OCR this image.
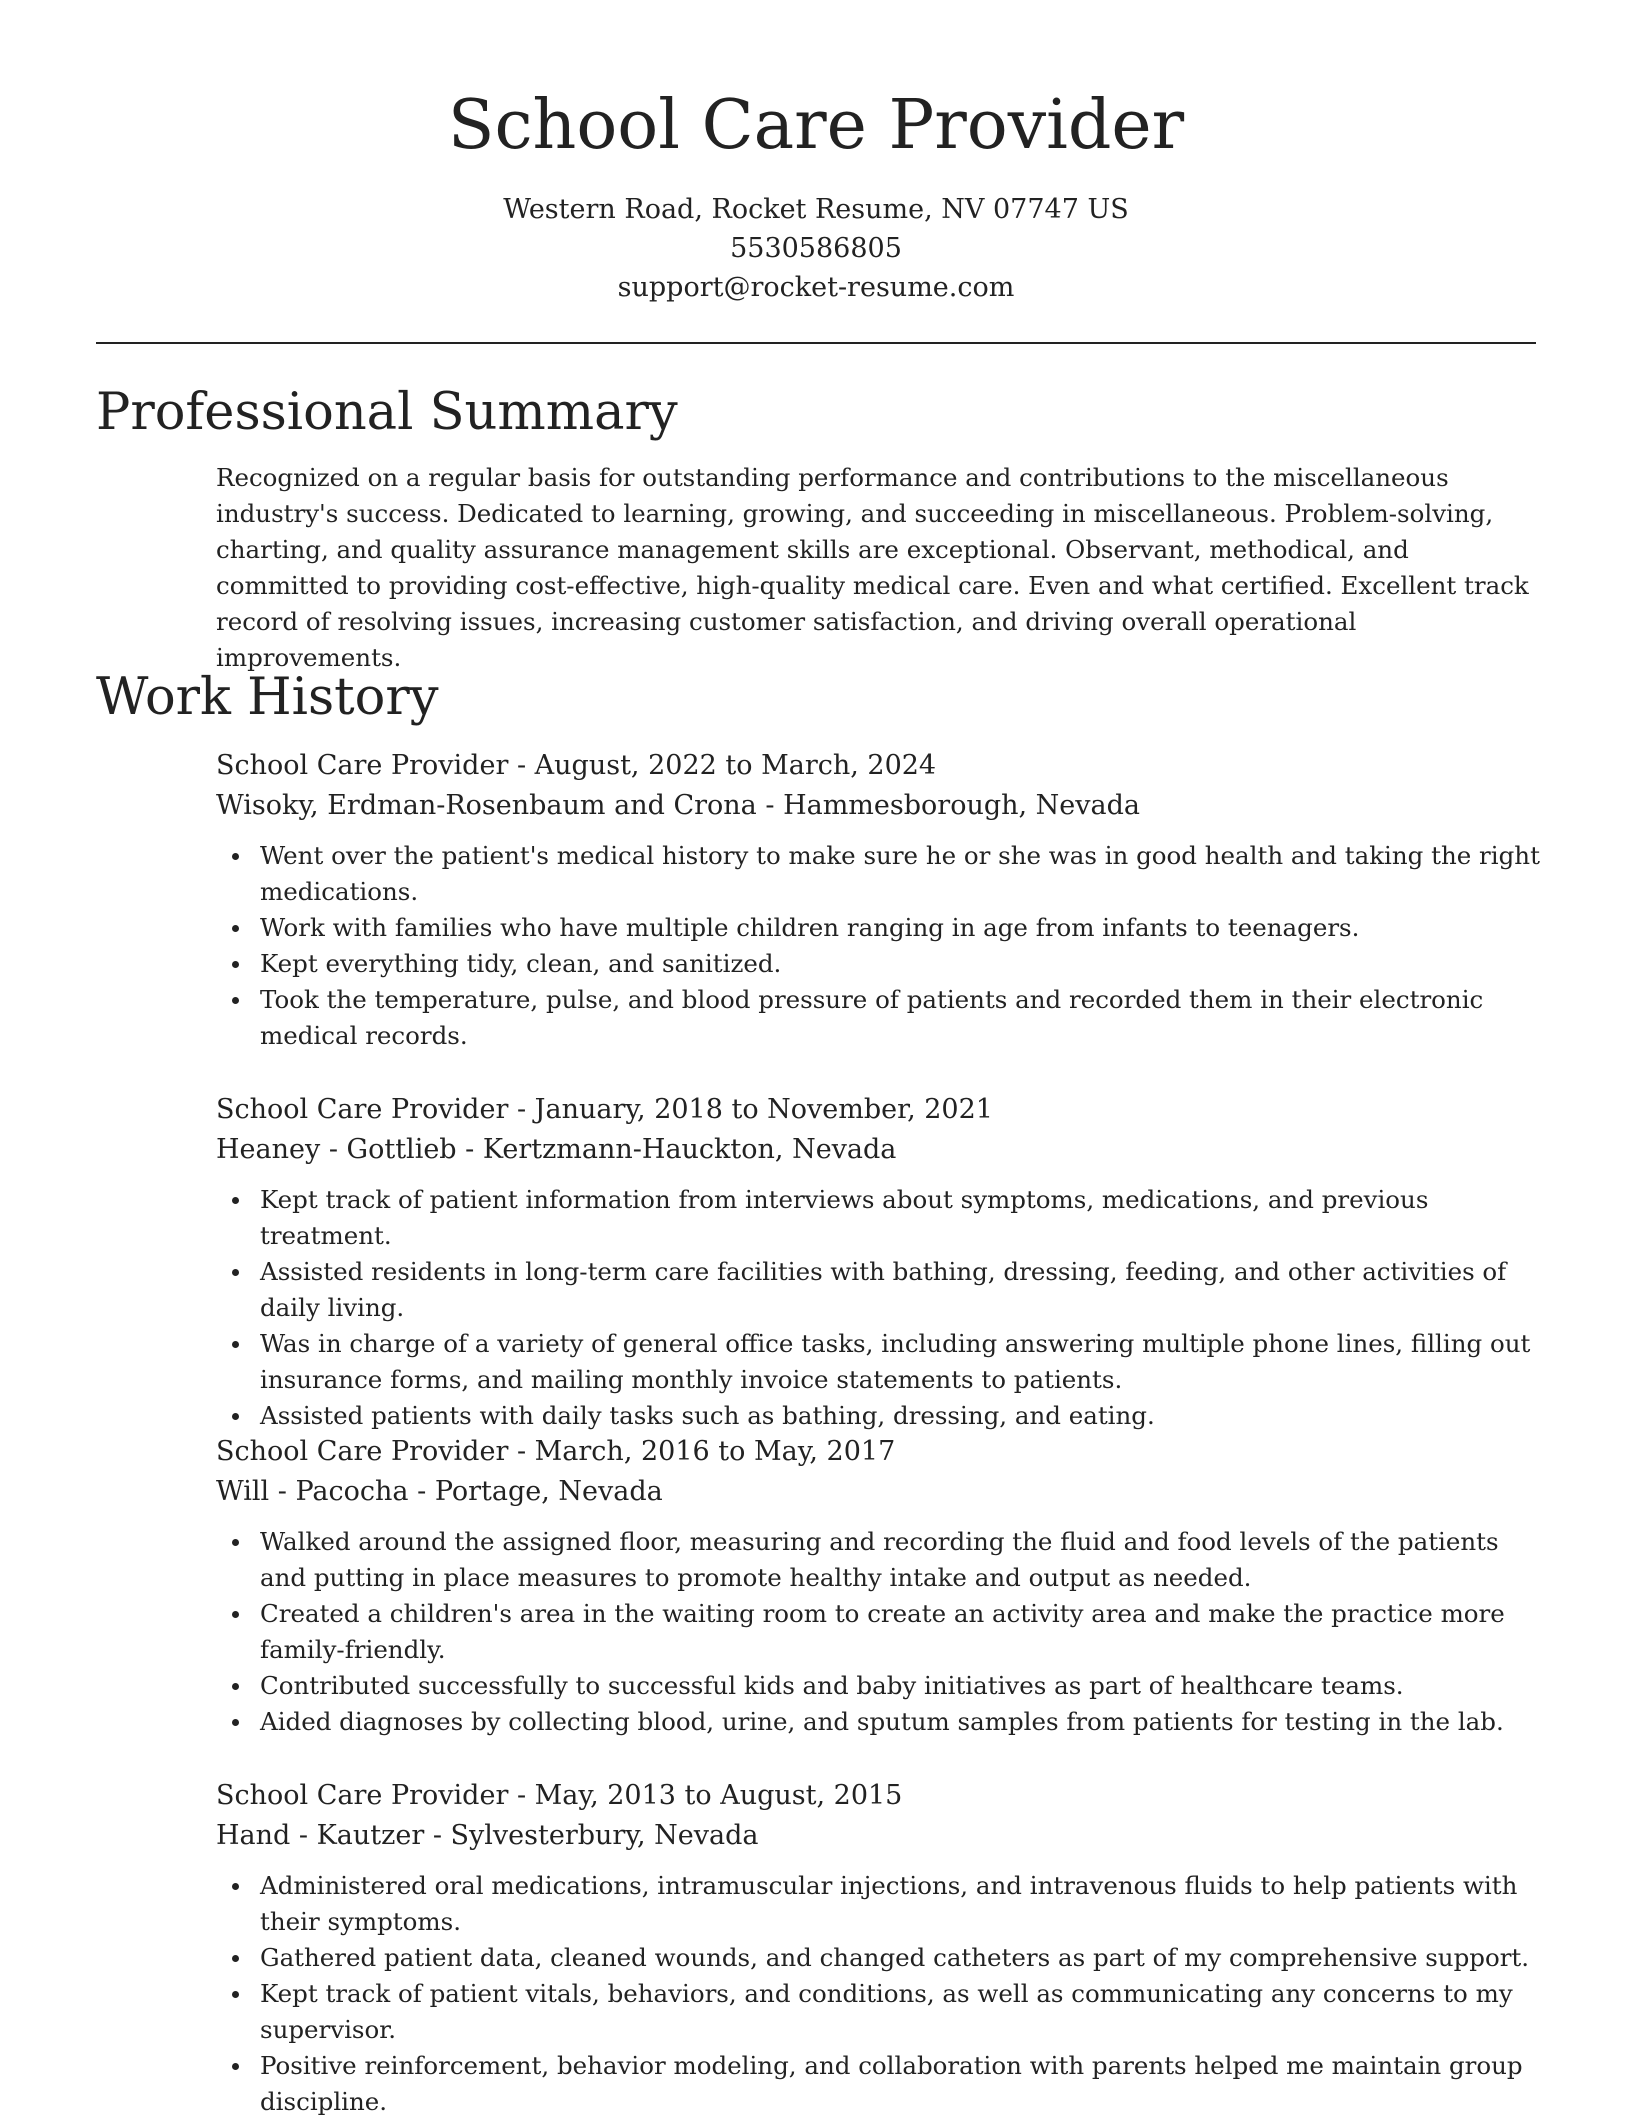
School Care Provider
Western Road, Rocket Resume, NV 07747 US
5530586805
support@rocket-resume.com
Professional Summary

Recognized on a regular basis for outstanding performance and contributions to the miscellaneous industry's success. Dedicated to learning, growing, and succeeding in miscellaneous. Problem-solving, charting, and quality assurance management skills are exceptional. Observant, methodical, and committed to providing cost-effective, high-quality medical care. Even and what certified. Excellent track record of resolving issues, increasing customer satisfaction, and driving overall operational improvements.

Work History
School Care Provider - August, 2022 to March, 2024
Wisoky, Erdman-Rosenbaum and Crona - Hammesborough, Nevada
Went over the patient's medical history to make sure he or she was in good health and taking the right medications.
Work with families who have multiple children ranging in age from infants to teenagers.
Kept everything tidy, clean, and sanitized.
Took the temperature, pulse, and blood pressure of patients and recorded them in their electronic medical records.
School Care Provider - January, 2018 to November, 2021
Heaney - Gottlieb - Kertzmann-Hauckton, Nevada
Kept track of patient information from interviews about symptoms, medications, and previous treatment.
Assisted residents in long-term care facilities with bathing, dressing, feeding, and other activities of daily living.
Was in charge of a variety of general office tasks, including answering multiple phone lines, filling out insurance forms, and mailing monthly invoice statements to patients.
Assisted patients with daily tasks such as bathing, dressing, and eating.
School Care Provider - March, 2016 to May, 2017
Will - Pacocha - Portage, Nevada
Walked around the assigned floor, measuring and recording the fluid and food levels of the patients and putting in place measures to promote healthy intake and output as needed.
Created a children's area in the waiting room to create an activity area and make the practice more family-friendly.
Contributed successfully to successful kids and baby initiatives as part of healthcare teams.
Aided diagnoses by collecting blood, urine, and sputum samples from patients for testing in the lab.
School Care Provider - May, 2013 to August, 2015
Hand - Kautzer - Sylvesterbury, Nevada
Administered oral medications, intramuscular injections, and intravenous fluids to help patients with their symptoms.
Gathered patient data, cleaned wounds, and changed catheters as part of my comprehensive support.
Kept track of patient vitals, behaviors, and conditions, as well as communicating any concerns to my supervisor.
Positive reinforcement, behavior modeling, and collaboration with parents helped me maintain group discipline.
